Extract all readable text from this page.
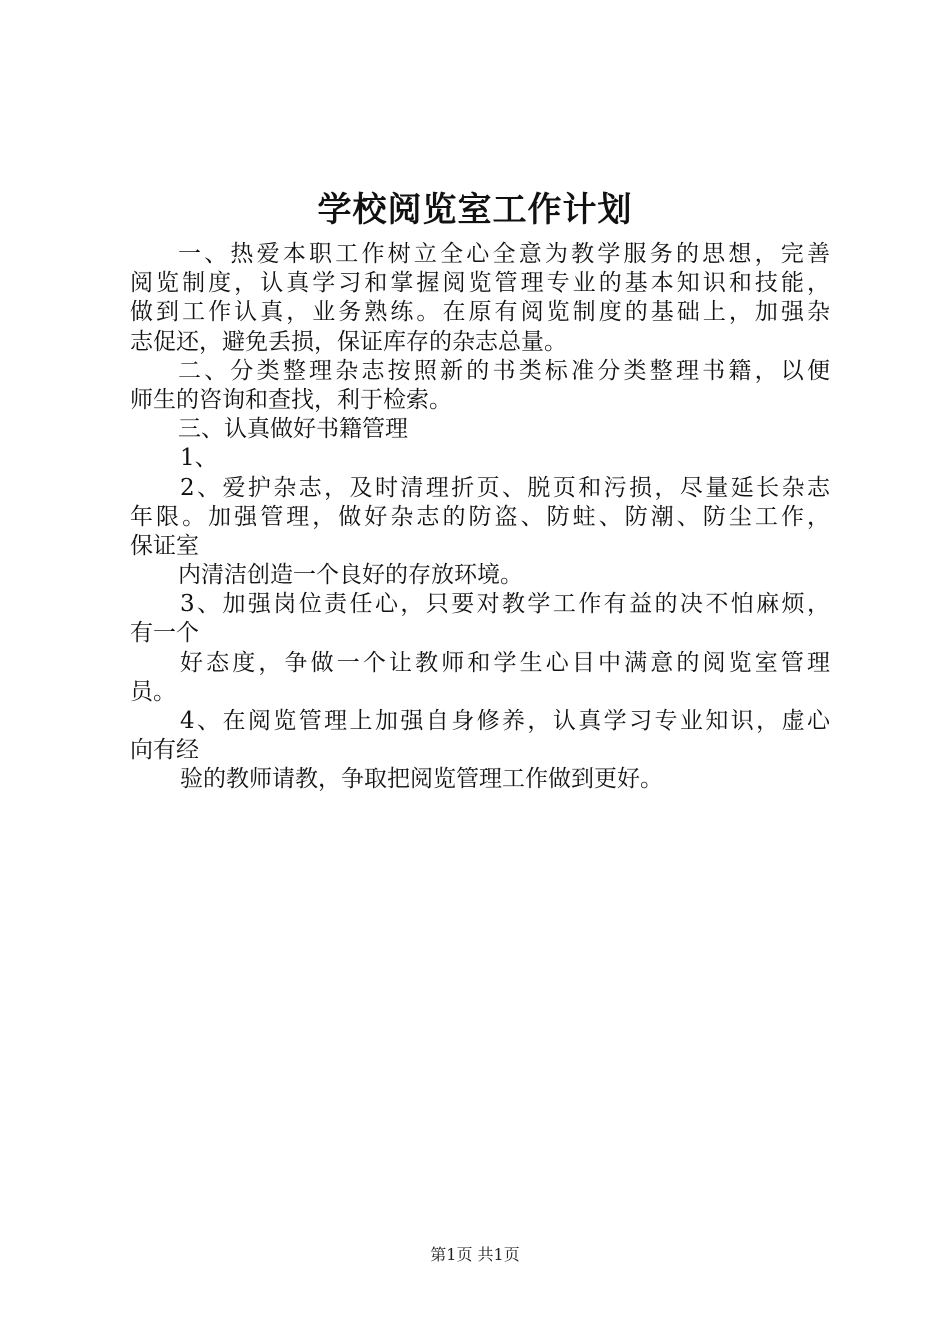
学校阅览室工作计划
一、热爱本职工作树立全心全意为教学服务的思想，完善
阅览制度，认真学习和掌握阅览管理专业的基本知识和技能，
做到工作认真，业务熟练。在原有阅览制度的基础上，加强杂
志促还，避免丢损，保证库存的杂志总量。
二、分类整理杂志按照新的书类标准分类整理书籍，以便
师生的咨询和查找，利于检索。
三、认真做好书籍管理
1、
2、爱护杂志，及时清理折页、脱页和污损，尽量延长杂志
年限。加强管理，做好杂志的防盗、防蛀、防潮、防尘工作，
保证室
内清洁创造一个良好的存放环境。
3、加强岗位责任心，只要对教学工作有益的决不怕麻烦，
有一个
好态度，争做一个让教师和学生心目中满意的阅览室管理
员。
4、在阅览管理上加强自身修养，认真学习专业知识，虚心
向有经
验的教师请教，争取把阅览管理工作做到更好。
第1页 共1页
